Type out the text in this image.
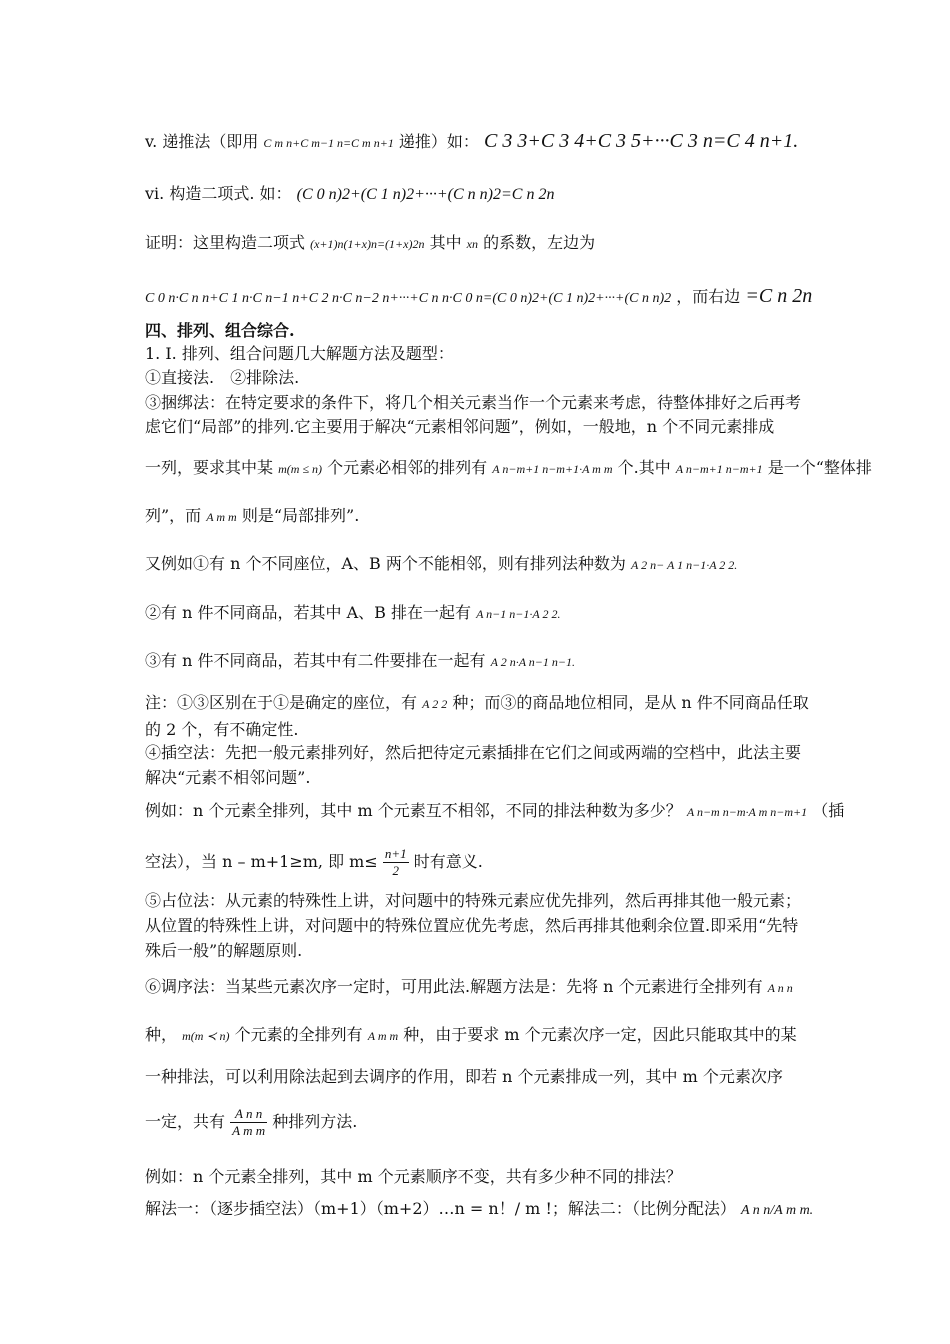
v. 递推法（即用 C m n+C m−1 n=C m n+1 递推）如： C 3 3+C 3 4+C 3 5+···C 3 n=C 4 n+1.
vi. 构造二项式. 如： (C 0 n)2+(C 1 n)2+···+(C n n)2=C n 2n
证明：这里构造二项式 (x+1)n(1+x)n=(1+x)2n 其中 xn 的系数，左边为
C 0 n·C n n+C 1 n·C n−1 n+C 2 n·C n−2 n+···+C n n·C 0 n=(C 0 n)2+(C 1 n)2+···+(C n n)2 ，而右边 =C n 2n
四、排列、组合综合.
1. I. 排列、组合问题几大解题方法及题型：
①直接法.　②排除法.
③捆绑法：在特定要求的条件下，将几个相关元素当作一个元素来考虑，待整体排好之后再考虑它们“局部”的排列.它主要用于解决“元素相邻问题”，例如，一般地，n 个不同元素排成
一列，要求其中某 m(m ≤ n) 个元素必相邻的排列有 A n−m+1 n−m+1·A m m 个.其中 A n−m+1 n−m+1 是一个“整体排
列”，而 A m m 则是“局部排列”.
又例如①有 n 个不同座位，A、B 两个不能相邻，则有排列法种数为 A 2 n− A 1 n−1·A 2 2.
②有 n 件不同商品，若其中 A、B 排在一起有 A n−1 n−1·A 2 2.
③有 n 件不同商品，若其中有二件要排在一起有 A 2 n·A n−1 n−1.
注：①③区别在于①是确定的座位，有 A 2 2 种；而③的商品地位相同，是从 n 件不同商品任取的 2 个，有不确定性.
④插空法：先把一般元素排列好，然后把待定元素插排在它们之间或两端的空档中，此法主要解决“元素不相邻问题”.
例如：n 个元素全排列，其中 m 个元素互不相邻，不同的排法种数为多少？ A n−m n−m·A m n−m+1 （插
空法），当 n – m+1≥m, 即 $m\le \frac{n+1}{2}$ 时有意义.
⑤占位法：从元素的特殊性上讲，对问题中的特殊元素应优先排列，然后再排其他一般元素；从位置的特殊性上讲，对问题中的特殊位置应优先考虑，然后再排其他剩余位置.即采用“先特殊后一般”的解题原则.
⑥调序法：当某些元素次序一定时，可用此法.解题方法是：先将 n 个元素进行全排列有 A n n
种， m(m ≺ n) 个元素的全排列有 A m m 种，由于要求 m 个元素次序一定，因此只能取其中的某
一种排法，可以利用除法起到去调序的作用，即若 n 个元素排成一列，其中 m 个元素次序
一定，共有 $\frac{\text{A n n}}{\text{A m m}}$ 种排列方法.
例如：n 个元素全排列，其中 m 个元素顺序不变，共有多少种不同的排法？
解法一：（逐步插空法）（m+1）（m+2）…n = n！/ m !；解法二：（比例分配法） A n n/A m m.
